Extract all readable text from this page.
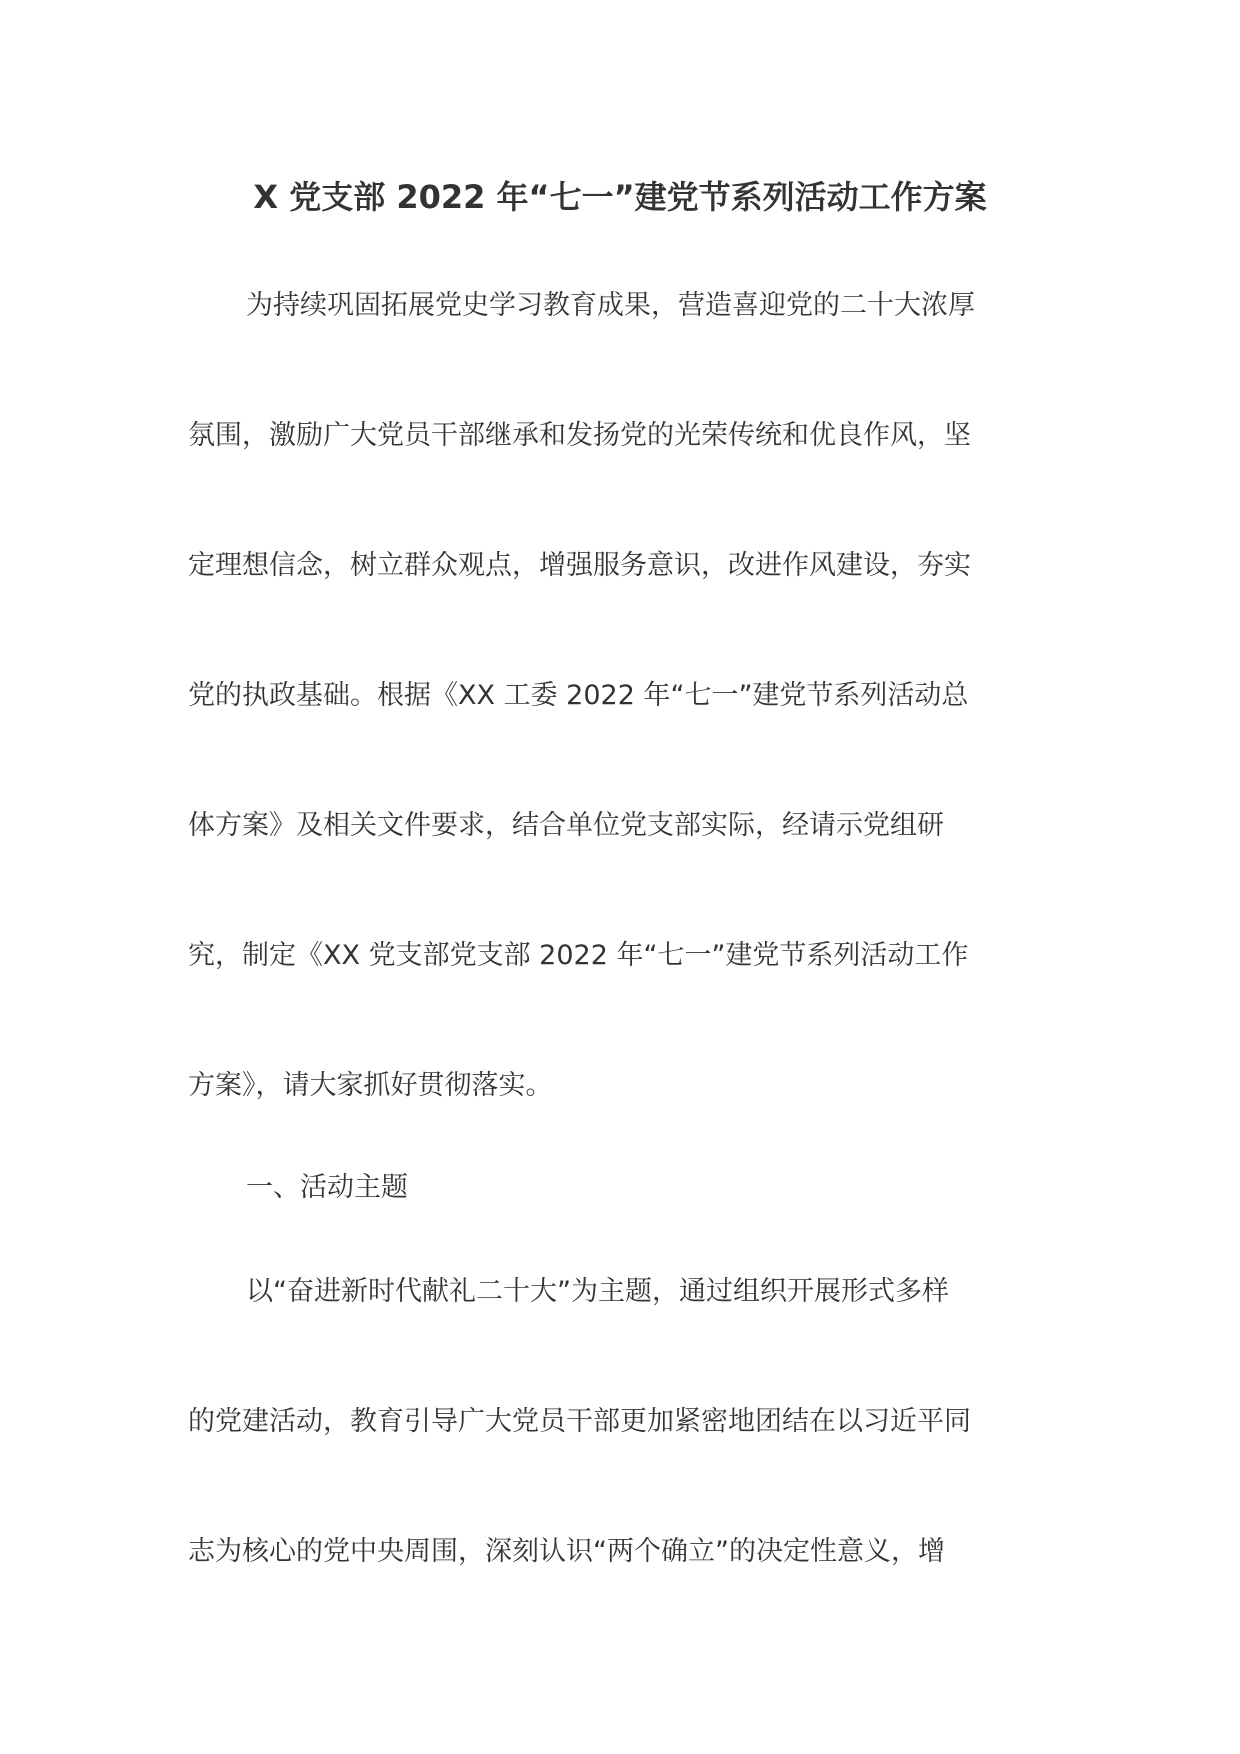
X 党支部 2022 年“七一”建党节系列活动工作方案
为持续巩固拓展党史学习教育成果，营造喜迎党的二十大浓厚
氛围，激励广大党员干部继承和发扬党的光荣传统和优良作风，坚
定理想信念，树立群众观点，增强服务意识，改进作风建设，夯实
党的执政基础。根据《XX 工委 2022 年“七一”建党节系列活动总
体方案》及相关文件要求，结合单位党支部实际，经请示党组研
究，制定《XX 党支部党支部 2022 年“七一”建党节系列活动工作
方案》，请大家抓好贯彻落实。
一、活动主题
以“奋进新时代献礼二十大”为主题，通过组织开展形式多样
的党建活动，教育引导广大党员干部更加紧密地团结在以习近平同
志为核心的党中央周围，深刻认识“两个确立”的决定性意义，增
